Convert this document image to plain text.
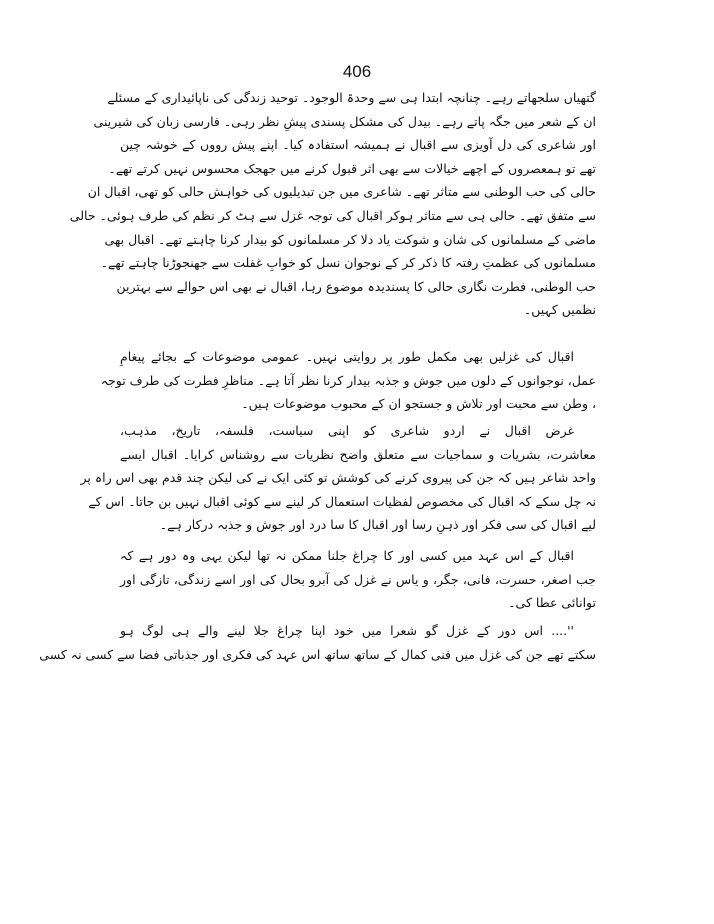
406
گتھیاں سلجھاتے رہے۔ چنانچہ ابتدا ہی سے وحدۃ الوجود۔ توحید زندگی کی ناپائیداری کے مسئلے
ان کے شعر میں جگہ پاتے رہے۔ بیدل کی مشکل پسندی پیشِ نظر رہی۔ فارسی زبان کی شیرینی
اور شاعری کی دل آویزی سے اقبال نے ہمیشہ استفادہ کیا۔ اپنے پیش رووں کے خوشہ چین
تھے تو ہمعصروں کے اچھے خیالات سے بھی اثر قبول کرنے میں جھجک محسوس نہیں کرتے تھے۔
حالی کی حب الوطنی سے متاثر تھے۔ شاعری میں جن تبدیلیوں کی خواہش حالی کو تھی، اقبال ان
سے متفق تھے۔ حالی ہی سے متاثر ہوکر اقبال کی توجہ غزل سے ہٹ کر نظم کی طرف ہوئی۔ حالی
ماضی کے مسلمانوں کی شان و شوکت یاد دلا کر مسلمانوں کو بیدار کرنا چاہتے تھے۔ اقبال بھی
مسلمانوں کی عظمتِ رفتہ کا ذکر کر کے نوجوان نسل کو خوابِ غفلت سے جھنجوڑنا چاہتے تھے۔
حب الوطنی، فطرت نگاری حالی کا پسندیدہ موضوع رہا، اقبال نے بھی اس حوالے سے بہترین
نظمیں کہیں۔
اقبال کی غزلیں بھی مکمل طور پر روایتی نہیں۔ عمومی موضوعات کے بجائے پیغامِ
عمل، نوجوانوں کے دلوں میں جوش و جذبہ بیدار کرنا نظر آتا ہے۔ مناظرِ فطرت کی طرف توجہ
، وطن سے محبت اور تلاش و جستجو ان کے محبوب موضوعات ہیں۔
غرض اقبال نے اردو شاعری کو اپنی سیاست، فلسفہ، تاریخ، مذہب،
معاشرت، بشریات و سماجیات سے متعلق واضح نظریات سے روشناس کرایا۔ اقبال ایسے
واحد شاعر ہیں کہ جن کی پیروی کرنے کی کوشش تو کئی ایک نے کی لیکن چند قدم بھی اس راہ پر
نہ چل سکے کہ اقبال کی مخصوص لفظیات استعمال کر لینے سے کوئی اقبال نہیں بن جاتا۔ اس کے
لیے اقبال کی سی فکر اور ذہنِ رسا اور اقبال کا سا درد اور جوش و جذبہ درکار ہے۔
اقبال کے اس عہد میں کسی اور کا چراغ جلنا ممکن نہ تھا لیکن یہی وہ دور ہے کہ
جب اصغر، حسرت، فانی، جگر، و یاس نے غزل کی آبرو بحال کی اور اسے زندگی، تازگی اور
توانائی عطا کی۔
''.... اس دور کے غزل گو شعرا میں خود اپنا چراغ جلا لینے والے ہی لوگ ہو
سکتے تھے جن کی غزل میں فنی کمال کے ساتھ ساتھ اس عہد کی فکری اور جذباتی فضا سے کسی نہ کسی
